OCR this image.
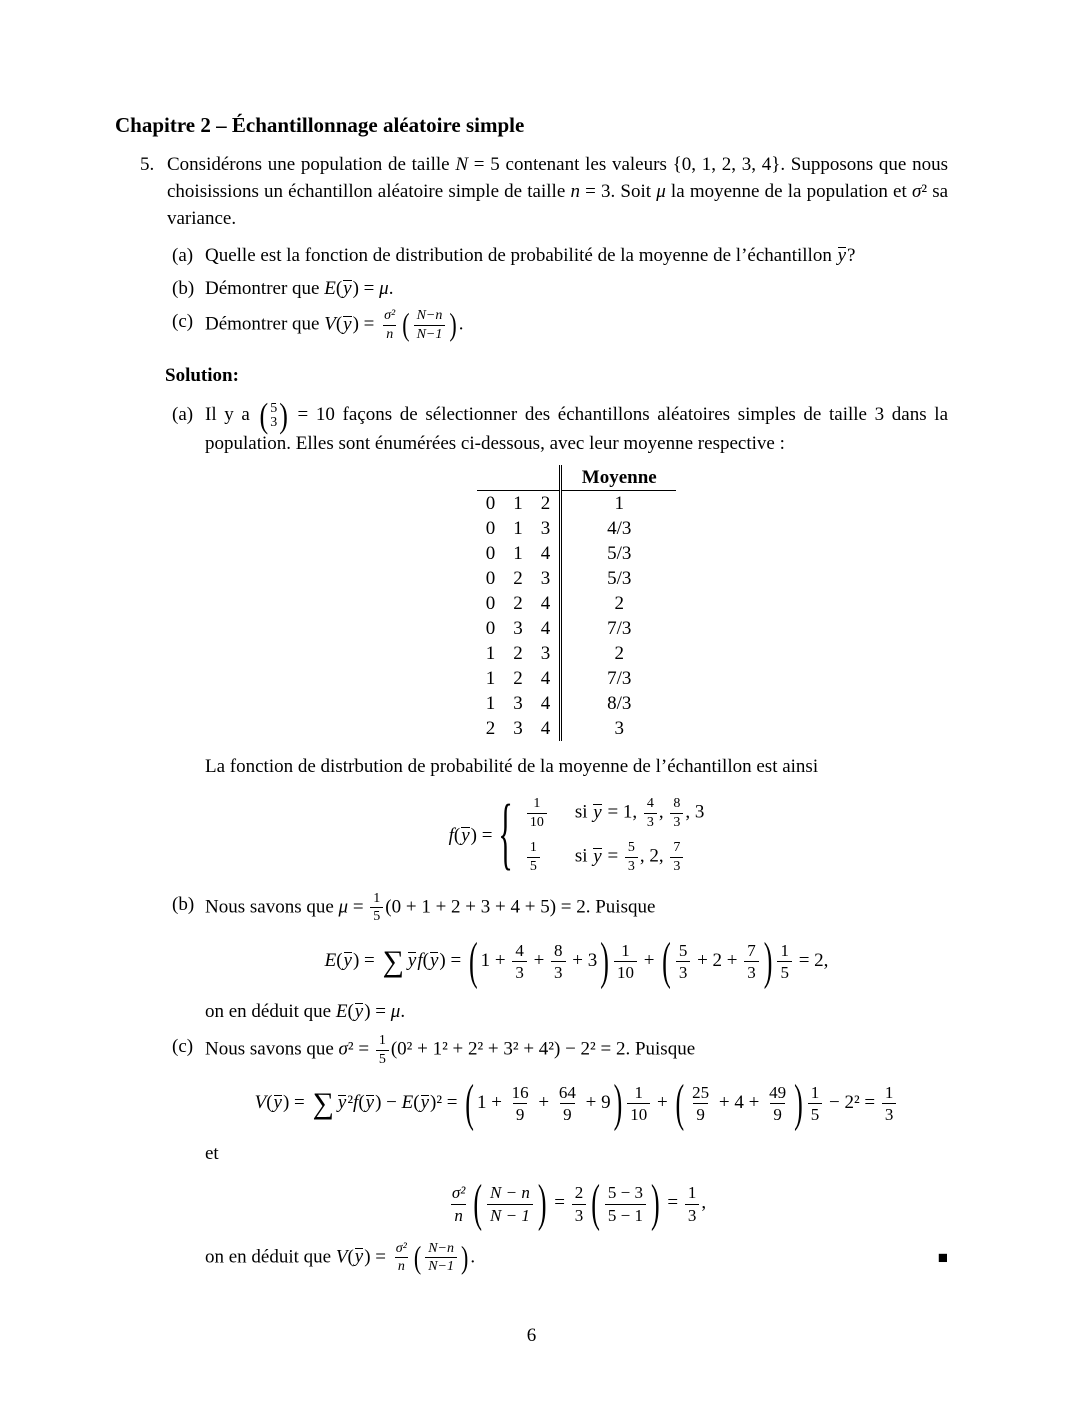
Chapitre 2 – Échantillonnage aléatoire simple
5. Considérons une population de taille N = 5 contenant les valeurs {0, 1, 2, 3, 4}. Supposons que nous choisissions un échantillon aléatoire simple de taille n = 3. Soit μ la moyenne de la population et σ² sa variance.
(a) Quelle est la fonction de distribution de probabilité de la moyenne de l’échantillon y?
(b) Démontrer que E(y) = μ.
(c) Démontrer que $V(y) = \frac{\text{σ²}}{n}$ ( $\frac{N-n}{N-1}$ ) .
Solution:
(a) Il y a ( 5
3 ) = 10 façons de sélectionner des échantillons aléatoires simples de taille 3 dans la population. Elles sont énumérées ci-dessous, avec leur moyenne respective :
			Moyenne
0	1	2	1
0	1	3	4/3
0	1	4	5/3
0	2	3	5/3
0	2	4	2
0	3	4	7/3
1	2	3	2
1	2	4	7/3
1	3	4	8/3
2	3	4	3
La fonction de distrbution de probabilité de la moyenne de l’échantillon est ainsi
f(y) = { $\frac{1}{10}$ si y = 1, $\frac{4}{3}$ , $\frac{8}{3}$ , 3
$\frac{1}{5}$ si $y = \frac{5}{3}$ , 2, $\frac{7}{3}$
(b) Nous savons que $\mu = \frac{1}{5} (0 + 1 + 2 + 3 + 4 + 5) = 2$. Puisque
E(y) = ∑ yf(y) = ( $1 + \frac{4}{3} + \frac{8}{3} + 3$ ) $\frac{1}{10}$ + ( $\frac{5}{3} + 2 + \frac{7}{3}$ ) $\frac{1}{5} = 2$,
on en déduit que E(y) = μ.
(c) Nous savons que $\sigma^2 = \frac{1}{5} (0^2 + 1^2 + 2^2 + 3^2 + 4^2) - 2^2 = 2$. Puisque
V(y) = ∑ y²f(y) − E(y)² = ( $1 + \frac{16}{9} + \frac{64}{9} + 9$ ) $\frac{1}{10}$ + ( $\frac{25}{9} + 4 + \frac{49}{9}$ ) $\frac{1}{5} - 2^2 = \frac{1}{3}$
et
$\frac{\text{σ²}}{n}$ ( $\frac{N - n}{N - 1}$ ) = $\frac{2}{3}$ ( $\frac{5 - 3}{5 - 1}$ ) = $\frac{1}{3}$ ,
on en déduit que $V(y) = \frac{\text{σ²}}{n}$ ( $\frac{N-n}{N-1}$ ) .	■
6
